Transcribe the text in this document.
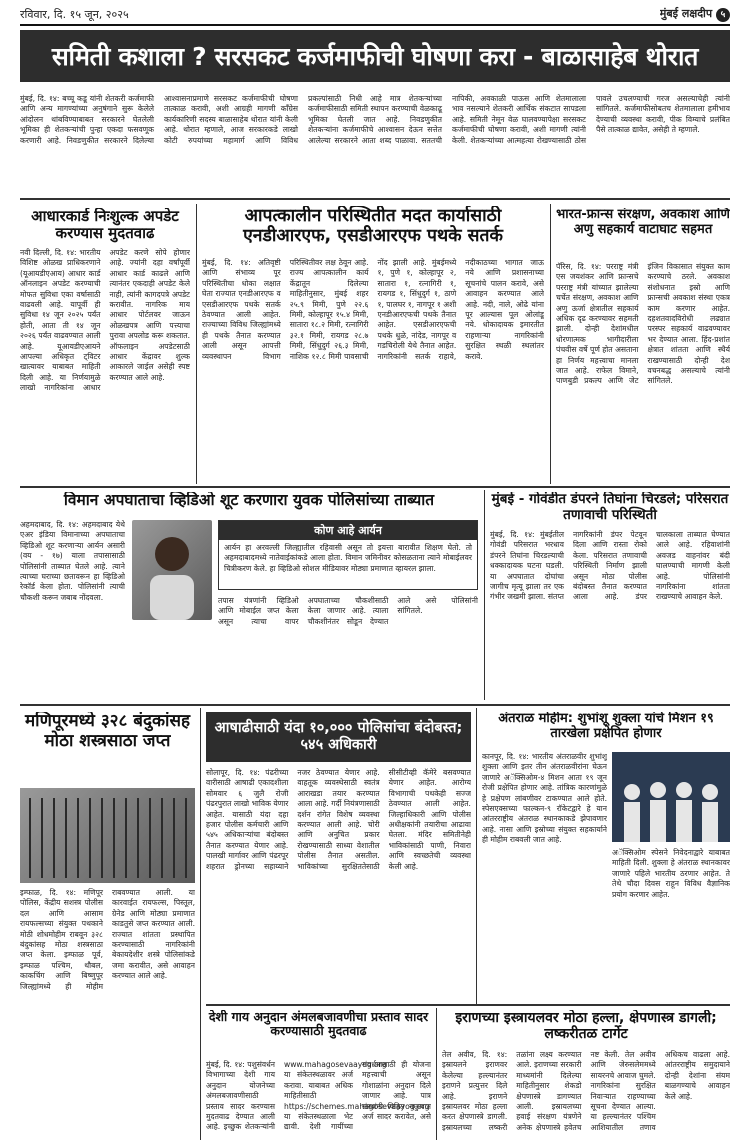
रविवार, दि. १५ जून, २०२५	मुंबई लक्षदीप ५
समिती कशाला ? सरसकट कर्जमाफीची घोषणा करा - बाळासाहेब थोरात
मुंबई, दि. १४: बच्चू कडू यांनी शेतकरी कर्जमाफी आणि अन्य मागण्यांच्या अनुषंगाने सुरू केलेले आंदोलन थांबविण्याबाबत सरकारने घेतलेली भूमिका ही शेतकऱ्यांची पुन्हा एकदा फसवणूक करणारी आहे. निवडणुकीत सरकारने दिलेल्या आश्वासनाप्रमाणे सरसकट कर्जमाफीची घोषणा तात्काळ करावी, अशी आग्रही मागणी काँग्रेस कार्यकारिणी सदस्य बाळासाहेब थोरात यांनी केली आहे. थोरात म्हणाले, आज सरकारकडे लाखो कोटी रुपयांच्या महामार्ग आणि विविध प्रकल्पांसाठी निधी आहे मात्र शेतकऱ्यांच्या कर्जमाफीसाठी समिती स्थापन करण्याची वेळकाढू भूमिका घेतली जात आहे. निवडणुकीत शेतकऱ्यांना कर्जमाफीचे आश्वासन देऊन सत्तेत आलेल्या सरकारने आता शब्द पाळावा. सततची नापिकी, अवकाळी पाऊस आणि शेतमालाला भाव नसल्याने शेतकरी आर्थिक संकटात सापडला आहे. समिती नेमून वेळ घालवण्यापेक्षा सरसकट कर्जमाफीची घोषणा करावी, अशी मागणी त्यांनी केली. शेतकऱ्यांच्या आत्महत्या रोखण्यासाठी ठोस पावले उचलण्याची गरज असल्याचेही त्यांनी सांगितले. कर्जमाफीसोबतच शेतमालाला हमीभाव देण्याची व्यवस्था करावी, पीक विम्याचे प्रलंबित पैसे तात्काळ द्यावेत, असेही ते म्हणाले.
आधारकार्ड निःशुल्क अपडेट करण्यास मुदतवाढ
नवी दिल्ली, दि. १४: भारतीय विशिष्ट ओळख प्राधिकरणाने (यूआयडीएआय) आधार कार्ड ऑनलाइन अपडेट करण्याची मोफत सुविधा एका वर्षासाठी वाढवली आहे. यापूर्वी ही सुविधा १४ जून २०२५ पर्यंत होती, आता ती १४ जून २०२६ पर्यंत वाढवण्यात आली आहे. यूआयडीएआयने आपल्या अधिकृत ट्विटर खात्यावर याबाबत माहिती दिली आहे. या निर्णयामुळे लाखो नागरिकांना आधार अपडेट करणे सोपे होणार आहे. ज्यांनी दहा वर्षांपूर्वी आधार कार्ड काढले आणि त्यानंतर एकदाही अपडेट केले नाही, त्यांनी कागदपत्रे अपडेट करावीत. नागरिक माय आधार पोर्टलवर जाऊन ओळखपत्र आणि पत्त्याचा पुरावा अपलोड करू शकतात. ऑफलाइन अपडेटसाठी आधार केंद्रावर शुल्क आकारले जाईल असेही स्पष्ट करण्यात आले आहे.
आपत्कालीन परिस्थितीत मदत कार्यासाठी एनडीआरएफ, एसडीआरएफ पथके सतर्क
मुंबई, दि. १४: अतिवृष्टी आणि संभाव्य पूर परिस्थितीचा धोका लक्षात घेता राज्यात एनडीआरएफ व एसडीआरएफ पथके सतर्क ठेवण्यात आली आहेत. राज्याच्या विविध जिल्ह्यांमध्ये ही पथके तैनात करण्यात आली असून आपत्ती व्यवस्थापन विभाग परिस्थितीवर लक्ष ठेवून आहे. राज्य आपत्कालीन कार्य केंद्रातून दिलेल्या माहितीनुसार, मुंबई शहर २५.९ मिमी, पुणे २२.६ मिमी, कोल्हापूर १५.४ मिमी, सातारा १८.२ मिमी, रत्नागिरी ३२.१ मिमी, रायगड २८.७ मिमी, सिंधुदुर्ग २६.३ मिमी, नाशिक १२.८ मिमी पावसाची नोंद झाली आहे. मुंबईमध्ये १, पुणे १, कोल्हापूर २, सातारा १, रत्नागिरी १, रायगड १, सिंधुदुर्ग १, ठाणे १, पालघर १, नागपूर १ अशी एनडीआरएफची पथके तैनात आहेत. एसडीआरएफची पथके धुळे, नांदेड, नागपूर व गडचिरोली येथे तैनात आहेत. नागरिकांनी सतर्क राहावे, नदीकाठच्या भागात जाऊ नये आणि प्रशासनाच्या सूचनांचे पालन करावे, असे आवाहन करण्यात आले आहे. नदी, नाले, ओढे यांना पूर आल्यास पूल ओलांडू नये. धोकादायक इमारतीत राहणाऱ्या नागरिकांनी सुरक्षित स्थळी स्थलांतर करावे.
भारत-फ्रान्स संरक्षण, अवकाश आणि अणु सहकार्य वाटाघाट सहमत
पॅरिस, दि. १४: परराष्ट्र मंत्री एस जयशंकर आणि फ्रान्सचे परराष्ट्र मंत्री यांच्यात झालेल्या चर्चेत संरक्षण, अवकाश आणि अणु ऊर्जा क्षेत्रातील सहकार्य अधिक दृढ करण्यावर सहमती झाली. दोन्ही देशांमधील धोरणात्मक भागीदारीला पंचवीस वर्षे पूर्ण होत असताना हा निर्णय महत्त्वाचा मानला जात आहे. राफेल विमाने, पाणबुडी प्रकल्प आणि जेट इंजिन विकासात संयुक्त काम करण्याचे ठरले. अवकाश संशोधनात इस्रो आणि फ्रान्सची अवकाश संस्था एकत्र काम करणार आहेत. दहशतवादविरोधी लढ्यात परस्पर सहकार्य वाढवण्यावर भर देण्यात आला. हिंद-प्रशांत क्षेत्रात शांतता आणि स्थैर्य राखण्यासाठी दोन्ही देश वचनबद्ध असल्याचे त्यांनी सांगितले.
विमान अपघाताचा व्हिडिओ शूट करणारा युवक पोलिसांच्या ताब्यात
अहमदाबाद, दि. १४: अहमदाबाद येथे एअर इंडिया विमानाच्या अपघाताचा व्हिडिओ शूट करणाऱ्या आर्यन असारी (वय - १७) याला तपासासाठी पोलिसांनी ताब्यात घेतले आहे. त्याने त्याच्या घराच्या छतावरून हा व्हिडिओ रेकॉर्ड केला होता. पोलिसांनी त्याची चौकशी करून जबाब नोंदवला.
कोण आहे आर्यन
आर्यन हा अरवल्ली जिल्ह्यातील रहिवासी असून तो इयत्ता बारावीत शिक्षण घेतो. तो अहमदाबादमध्ये नातेवाईकांकडे आला होता. विमान जमिनीवर कोसळताना त्याने मोबाईलवर चित्रीकरण केले. हा व्हिडिओ सोशल मीडियावर मोठ्या प्रमाणात व्हायरल झाला.
तपास यंत्रणांनी व्हिडिओ आणि मोबाईल जप्त केला असून त्याचा वापर अपघाताच्या चौकशीसाठी केला जाणार आहे. त्याला चौकशीनंतर सोडून देण्यात आले असे पोलिसांनी सांगितले.
मुंबई - गोवंडीत डंपरने तिघांना चिरडले; परिसरात तणावाची परिस्थिती
मुंबई, दि. १४: मुंबईतील गोवंडी परिसरात भरधाव डंपरने तिघांना चिरडल्याची धक्कादायक घटना घडली. या अपघातात दोघांचा जागीच मृत्यू झाला तर एक गंभीर जखमी झाला. संतप्त नागरिकांनी डंपर पेटवून दिला आणि रास्ता रोको केला. परिसरात तणावाची परिस्थिती निर्माण झाली असून मोठा पोलीस बंदोबस्त तैनात करण्यात आला आहे. डंपर चालकाला ताब्यात घेण्यात आले आहे. रहिवाशांनी अवजड वाहनांवर बंदी घालण्याची मागणी केली आहे. पोलिसांनी नागरिकांना शांतता राखण्याचे आवाहन केले.
मणिपूरमध्ये ३२८ बंदुकांसह मोठा शस्त्रसाठा जप्त
इम्फाळ, दि. १४: मणिपूर पोलिस, केंद्रीय सशस्त्र पोलीस दल आणि आसाम रायफल्सच्या संयुक्त पथकाने मोठी शोधमोहीम राबवून ३२८ बंदुकांसह मोठा शस्त्रसाठा जप्त केला. इम्फाळ पूर्व, इम्फाळ पश्चिम, थौबल, काकचिंग आणि बिष्णुपूर जिल्ह्यांमध्ये ही मोहीम राबवण्यात आली. या कारवाईत रायफल्स, पिस्तूल, ग्रेनेड आणि मोठ्या प्रमाणात काडतुसे जप्त करण्यात आली. राज्यात शांतता प्रस्थापित करण्यासाठी नागरिकांनी बेकायदेशीर शस्त्रे पोलिसांकडे जमा करावीत, असे आवाहन करण्यात आले आहे.
आषाढीसाठी यंदा १०,००० पोलिसांचा बंदोबस्त; ५४५ अधिकारी
सोलापूर, दि. १४: पंढरीच्या वारीसाठी आषाढी एकादशीला सोमवार ६ जुलै रोजी पंढरपुरात लाखो भाविक येणार आहेत. यासाठी यंदा दहा हजार पोलीस कर्मचारी आणि ५४५ अधिकाऱ्यांचा बंदोबस्त तैनात करण्यात येणार आहे. पालखी मार्गावर आणि पंढरपूर शहरात ड्रोनच्या सहाय्याने नजर ठेवण्यात येणार आहे. वाहतूक व्यवस्थेसाठी स्वतंत्र आराखडा तयार करण्यात आला आहे. गर्दी नियंत्रणासाठी दर्शन रांगेत विशेष व्यवस्था करण्यात आली आहे. चोरी आणि अनुचित प्रकार रोखण्यासाठी साध्या वेशातील पोलीस तैनात असतील. भाविकांच्या सुरक्षिततेसाठी सीसीटीव्ही कॅमेरे बसवण्यात येणार आहेत. आरोग्य विभागाची पथकेही सज्ज ठेवण्यात आली आहेत. जिल्हाधिकारी आणि पोलीस अधीक्षकांनी तयारीचा आढावा घेतला. मंदिर समितीनेही भाविकांसाठी पाणी, निवारा आणि स्वच्छतेची व्यवस्था केली आहे.
अंतराळ मोहीम: शुभांशू शुक्ला यांचे मिशन १९ तारखेला प्रक्षेपित होणार
कानपूर, दि. १४: भारतीय अंतराळवीर शुभांशू शुक्ला आणि इतर तीन अंतराळवीरांना घेऊन जाणारे अॅक्सिओम-४ मिशन आता १९ जून रोजी प्रक्षेपित होणार आहे. तांत्रिक कारणांमुळे हे प्रक्षेपण लांबणीवर टाकण्यात आले होते. स्पेसएक्सच्या फाल्कन-९ रॉकेटद्वारे हे यान आंतरराष्ट्रीय अंतराळ स्थानकाकडे झेपावणार आहे. नासा आणि इस्रोच्या संयुक्त सहकार्याने ही मोहीम राबवली जात आहे.
अॅक्सिओम स्पेसने निवेदनाद्वारे याबाबत माहिती दिली. शुक्ला हे अंतराळ स्थानकावर जाणारे पहिले भारतीय ठरणार आहेत. ते तेथे चौदा दिवस राहून विविध वैज्ञानिक प्रयोग करणार आहेत.
देशी गाय अनुदान अंमलबजावणीचा प्रस्ताव सादर करण्यासाठी मुदतवाढ
मुंबई, दि. १४: पशुसंवर्धन विभागाच्या देशी गाय अनुदान योजनेच्या अंमलबजावणीसाठी प्रस्ताव सादर करण्यास मुदतवाढ देण्यात आली आहे. इच्छुक शेतकऱ्यांनी www.mahagosevaayog.org या संकेतस्थळावर अर्ज करावा. याबाबत अधिक माहितीसाठी https://schemes.mahagosevaayog.org या संकेतस्थळाला भेट द्यावी. देशी गायींच्या संवर्धनासाठी ही योजना महत्त्वाची असून गोशाळांना अनुदान दिले जाणार आहे. पात्र संस्थांनी विहित नमुन्यात अर्ज सादर करावेत, असे
इराणच्या इस्त्रायलवर मोठा हल्ला, क्षेपणास्त्र डागली; लष्करीतळ टार्गेट
तेल अवीव, दि. १४: इस्रायलने इराणवर केलेल्या हल्ल्यानंतर इराणने प्रत्युत्तर दिले आहे. इराणने इस्रायलवर मोठा हल्ला करत क्षेपणास्त्रे डागली. इस्रायलच्या लष्करी तळांना लक्ष्य करण्यात आले. इराणच्या सरकारी माध्यमांनी दिलेल्या माहितीनुसार शेकडो क्षेपणास्त्रे डागण्यात आली. इस्रायलच्या हवाई संरक्षण यंत्रणेने अनेक क्षेपणास्त्रे हवेतच नष्ट केली. तेल अवीव आणि जेरुसलेममध्ये सायरनचे आवाज घुमले. नागरिकांना सुरक्षित निवाऱ्यात राहण्याच्या सूचना देण्यात आल्या. या हल्ल्यानंतर पश्चिम आशियातील तणाव अधिकच वाढला आहे. आंतरराष्ट्रीय समुदायाने दोन्ही देशांना संयम बाळगण्याचे आवाहन केले आहे.
